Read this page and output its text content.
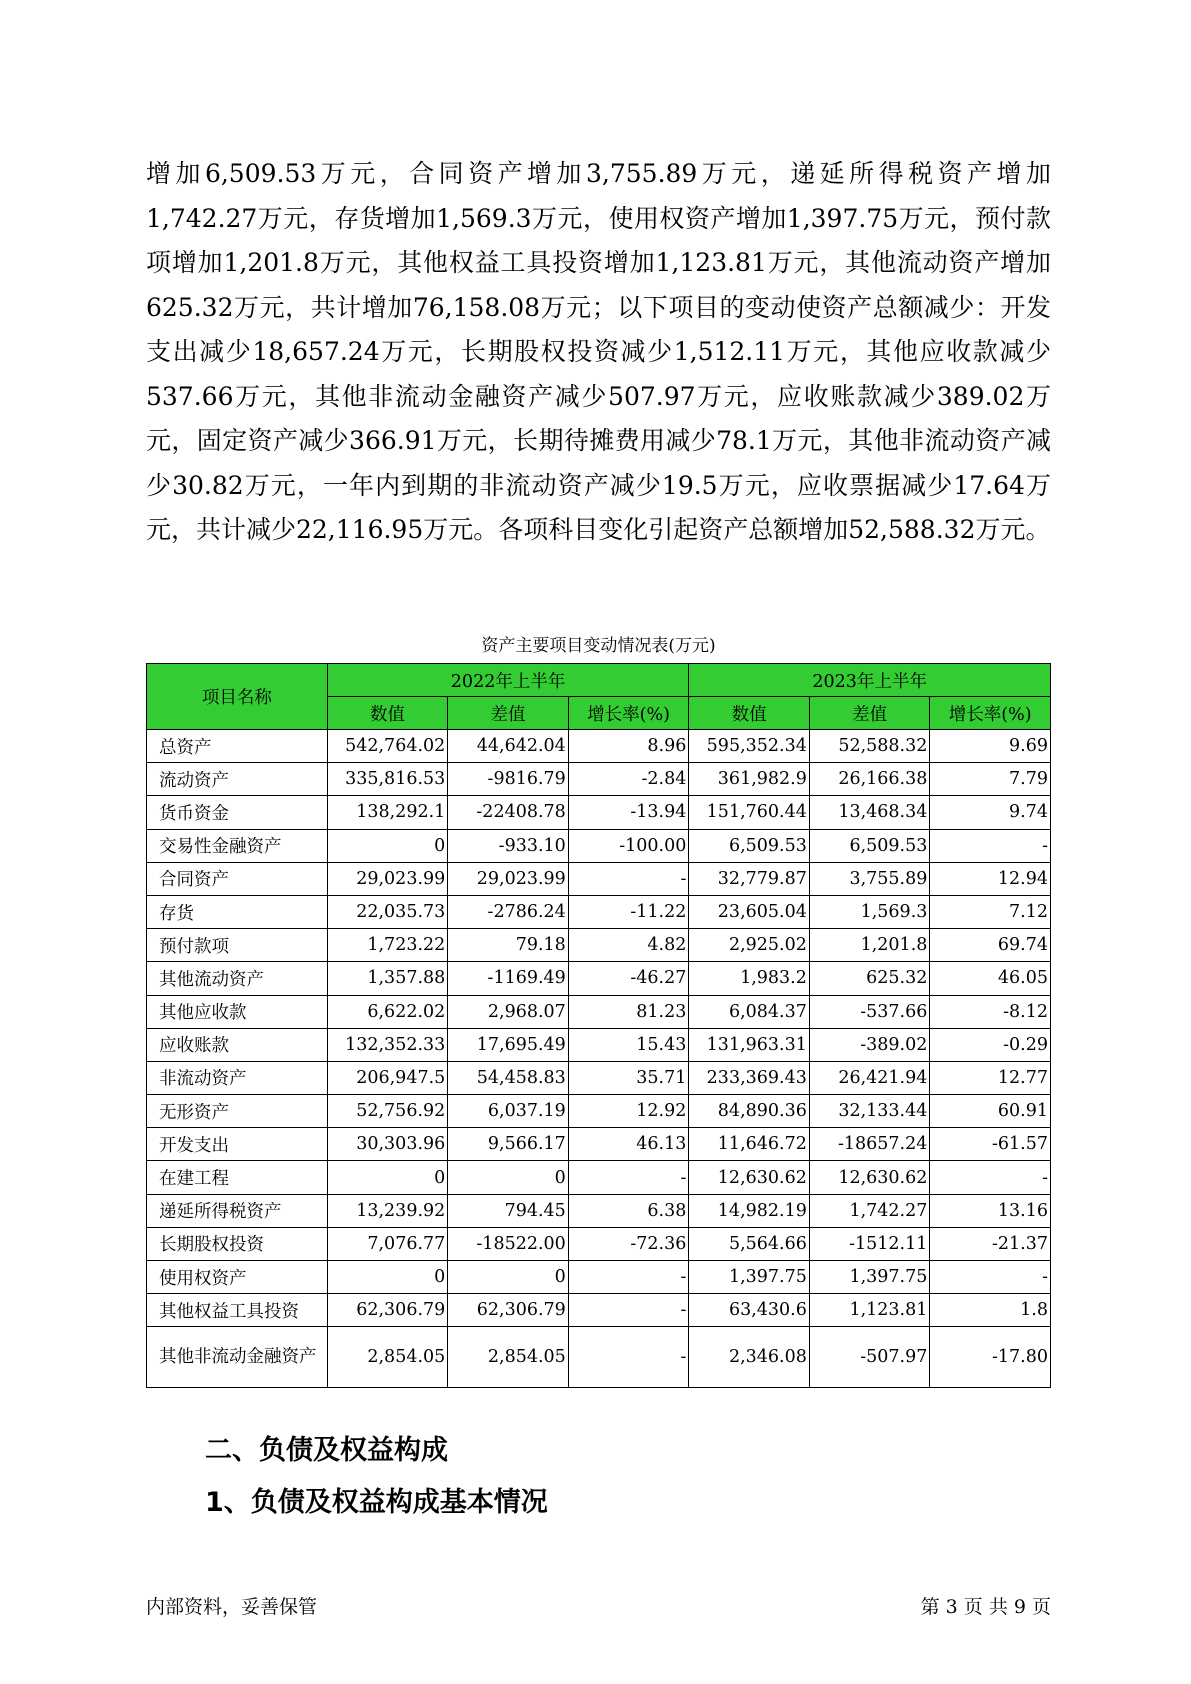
增加6,509.53万元，合同资产增加3,755.89万元，递延所得税资产增加1,742.27万元，存货增加1,569.3万元，使用权资产增加1,397.75万元，预付款项增加1,201.8万元，其他权益工具投资增加1,123.81万元，其他流动资产增加625.32万元，共计增加76,158.08万元；以下项目的变动使资产总额减少：开发支出减少18,657.24万元，长期股权投资减少1,512.11万元，其他应收款减少537.66万元，其他非流动金融资产减少507.97万元，应收账款减少389.02万元，固定资产减少366.91万元，长期待摊费用减少78.1万元，其他非流动资产减少30.82万元，一年内到期的非流动资产减少19.5万元，应收票据减少17.64万元，共计减少22,116.95万元。各项科目变化引起资产总额增加52,588.32万元。

资产主要项目变动情况表(万元)
项目名称	2022年上半年			2023年上半年		
	数值	差值	增长率(%)	数值	差值	增长率(%)
总资产	542,764.02	44,642.04	8.96	595,352.34	52,588.32	9.69
流动资产	335,816.53	-9816.79	-2.84	361,982.9	26,166.38	7.79
货币资金	138,292.1	-22408.78	-13.94	151,760.44	13,468.34	9.74
交易性金融资产	0	-933.10	-100.00	6,509.53	6,509.53	-
合同资产	29,023.99	29,023.99	-	32,779.87	3,755.89	12.94
存货	22,035.73	-2786.24	-11.22	23,605.04	1,569.3	7.12
预付款项	1,723.22	79.18	4.82	2,925.02	1,201.8	69.74
其他流动资产	1,357.88	-1169.49	-46.27	1,983.2	625.32	46.05
其他应收款	6,622.02	2,968.07	81.23	6,084.37	-537.66	-8.12
应收账款	132,352.33	17,695.49	15.43	131,963.31	-389.02	-0.29
非流动资产	206,947.5	54,458.83	35.71	233,369.43	26,421.94	12.77
无形资产	52,756.92	6,037.19	12.92	84,890.36	32,133.44	60.91
开发支出	30,303.96	9,566.17	46.13	11,646.72	-18657.24	-61.57
在建工程	0	0	-	12,630.62	12,630.62	-
递延所得税资产	13,239.92	794.45	6.38	14,982.19	1,742.27	13.16
长期股权投资	7,076.77	-18522.00	-72.36	5,564.66	-1512.11	-21.37
使用权资产	0	0	-	1,397.75	1,397.75	-
其他权益工具投资	62,306.79	62,306.79	-	63,430.6	1,123.81	1.8
其他非流动金融资产	2,854.05	2,854.05	-	2,346.08	-507.97	-17.80
二、负债及权益构成
1、负债及权益构成基本情况
内部资料，妥善保管	第 3 页 共 9 页
